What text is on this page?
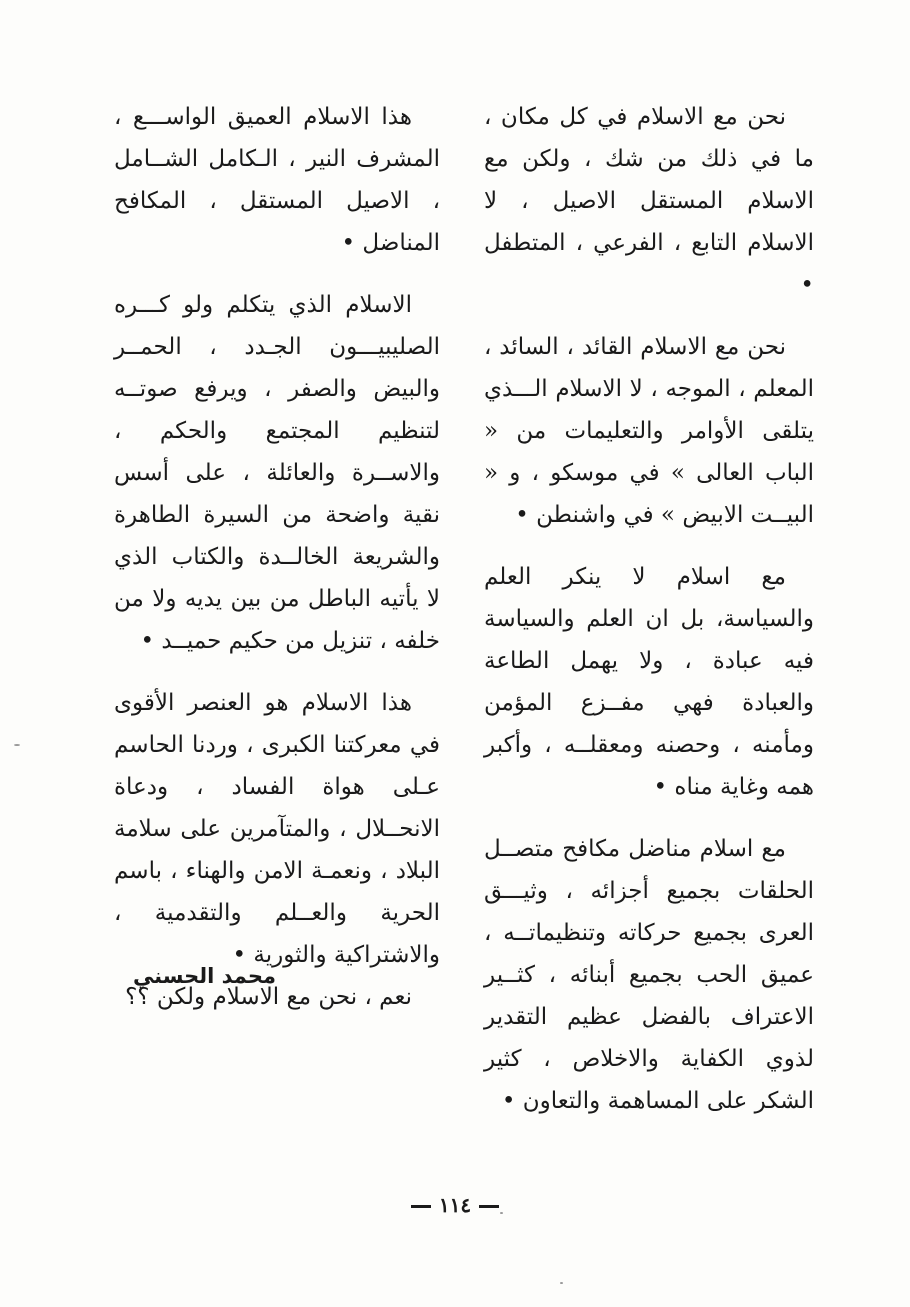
نحن مع الاسلام في كل مكان ، ما في ذلك من شك ، ولكن مع الاسلام المستقل الاصيل ، لا الاسلام التابع ، الفرعي ، المتطفل •

نحن مع الاسلام القائد ، السائد ، المعلم ، الموجه ، لا الاسلام الـــذي يتلقى الأوامر والتعليمات من « الباب العالى » في موسكو ، و « البيــت الابيض » في واشنطن •

مع اسلام لا ينكر العلم والسياسة، بل ان العلم والسياسة فيه عبادة ، ولا يهمل الطاعة والعبادة فهي مفــزع المؤمن ومأمنه ، وحصنه ومعقلــه ، وأكبر همه وغاية مناه •

مع اسلام مناضل مكافح متصــل الحلقات بجميع أجزائه ، وثيـــق العرى بجميع حركاته وتنظيماتــه ، عميق الحب بجميع أبنائه ، كثــير الاعتراف بالفضل عظيم التقدير لذوي الكفاية والاخلاص ، كثير الشكر على المساهمة والتعاون •

هذا الاسلام العميق الواســـع ، المشرف النير ، الـكامل الشــامل ، الاصيل المستقل ، المكافح المناضل •

الاسلام الذي يتكلم ولو كـــره الصليبيـــون الجـدد ، الحمــر والبيض والصفر ، ويرفع صوتــه لتنظيم المجتمع والحكم ، والاســرة والعائلة ، على أسس نقية واضحة من السيرة الطاهرة والشريعة الخالــدة والكتاب الذي لا يأتيه الباطل من بين يديه ولا من خلفه ، تنزيل من حكيم حميــد •

هذا الاسلام هو العنصر الأقوى في معركتنا الكبرى ، وردنا الحاسم عـلى هواة الفساد ، ودعاة الانحــلال ، والمتآمرين على سلامة البلاد ، ونعمـة الامن والهناء ، باسم الحرية والعــلم والتقدمية ، والاشتراكية والثورية •

نعم ، نحن مع الاسلام ولكن ؟؟

محمد الحسني
١١٤
